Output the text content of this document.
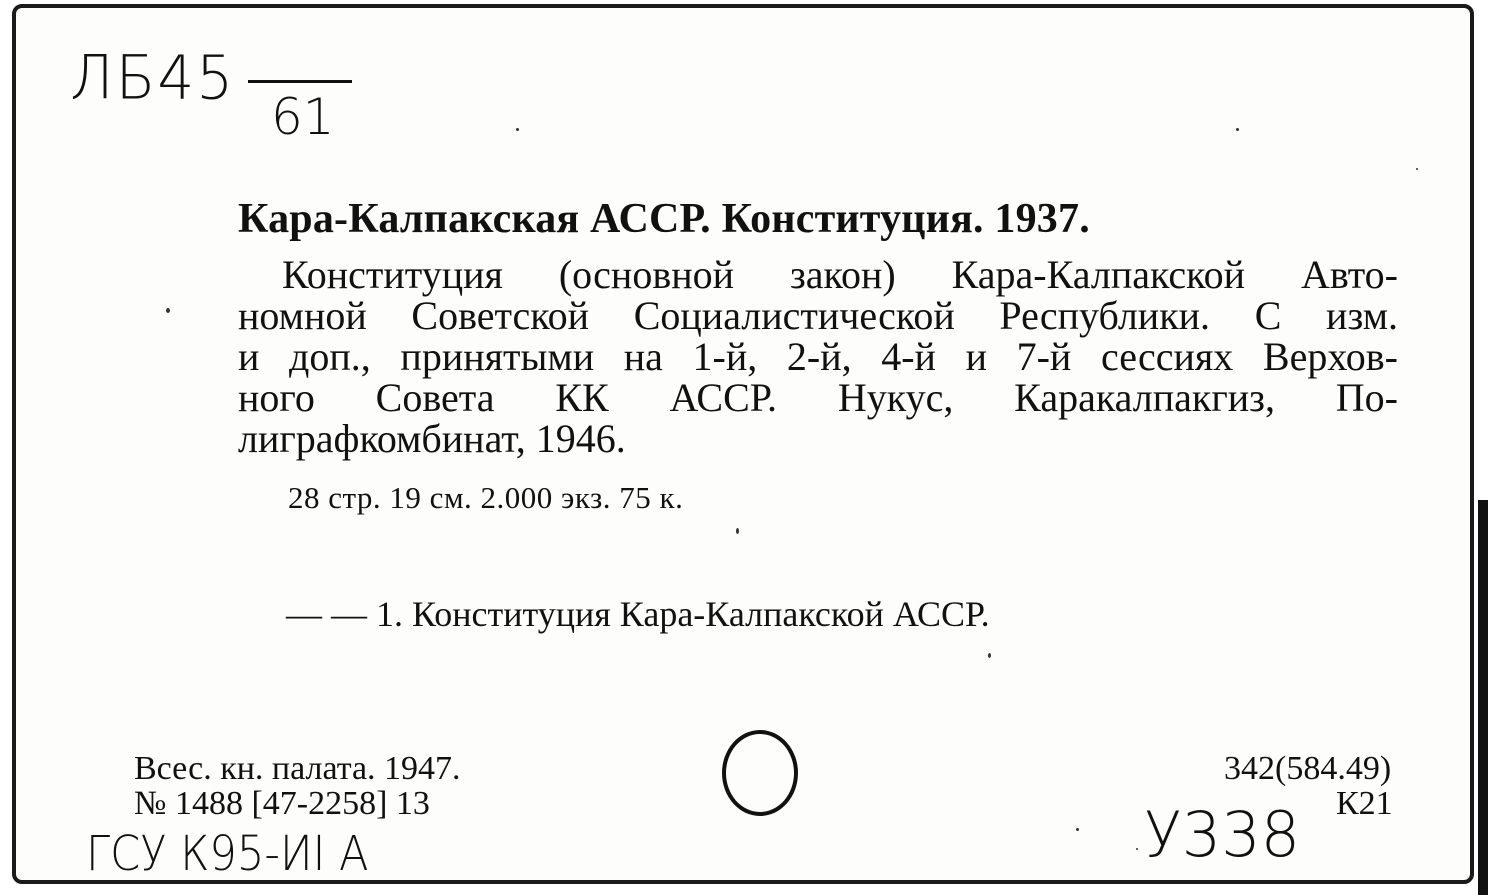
ЛБ45
61
Кара-Калпакская АССР. Конституция. 1937.
Конституция (основной закон) Кара-Калпакской Авто-
номной Советской Социалистической Республики. С изм.
и доп., принятыми на 1-й, 2-й, 4-й и 7-й сессиях Верхов-
ного Совета КК АССР. Нукус, Каракалпакгиз, По-
лиграфкомбинат, 1946.
28 стр. 19 см. 2.000 экз. 75 к.
— — 1. Конституция Кара-Калпакской АССР.
Всес. кн. палата. 1947.
№ 1488 [47-2258] 13
342(584.49)
К21
ГСУ К95-ИI А	У338
